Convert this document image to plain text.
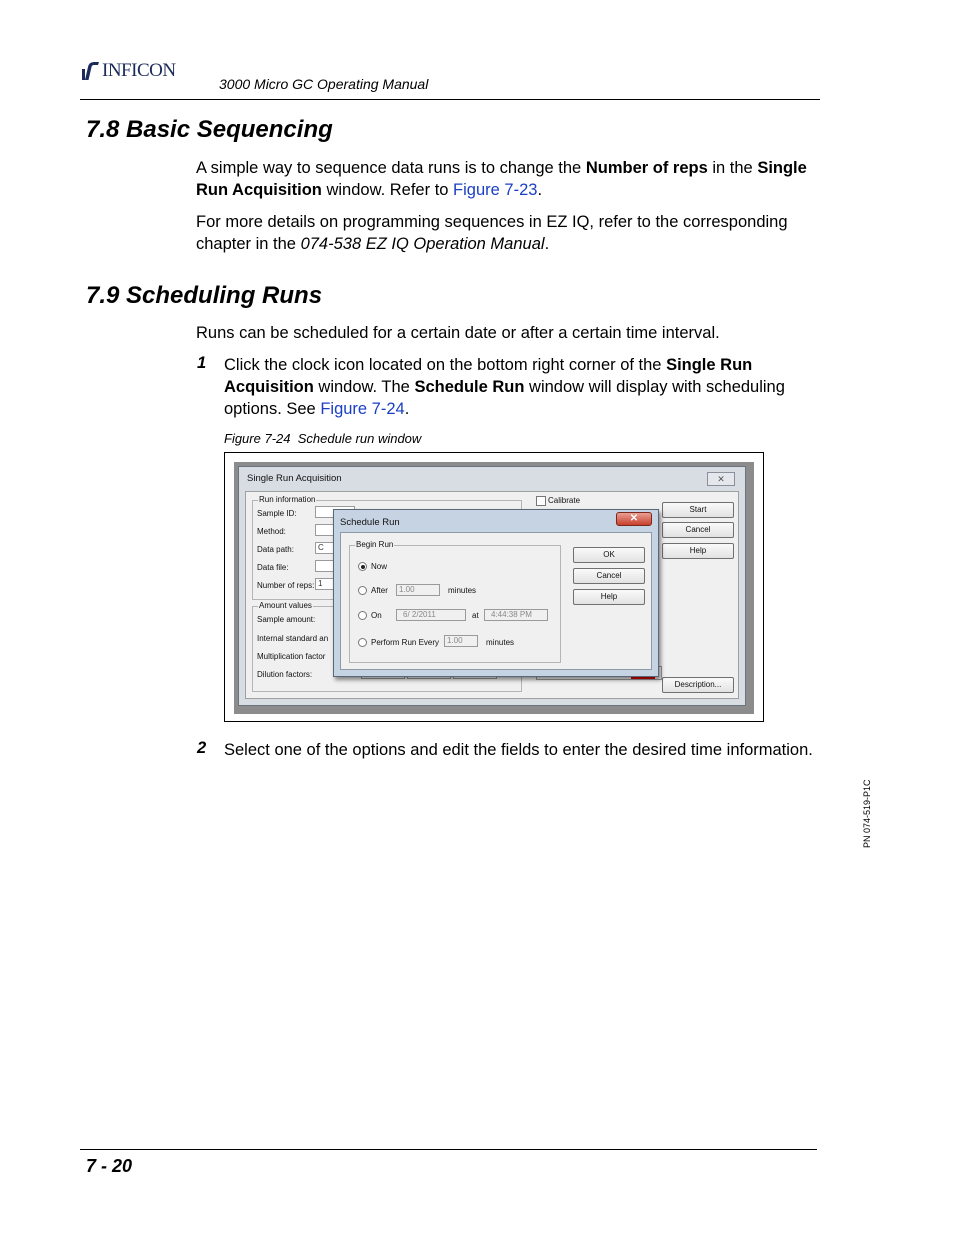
INFICON
3000 Micro GC Operating Manual
7.8 Basic Sequencing

A simple way to sequence data runs is to change the Number of reps in the Single Run Acquisition window. Refer to Figure 7-23.

For more details on programming sequences in EZ IQ, refer to the corresponding chapter in the 074-538 EZ IQ Operation Manual.

7.9 Scheduling Runs

Runs can be scheduled for a certain date or after a certain time interval.

1 Click the clock icon located on the bottom right corner of the Single Run Acquisition window. The Schedule Run window will display with scheduling options. See Figure 7-24.

Figure 7-24 Schedule run window
Single Run Acquisition	✕
Run information
Sample ID:
Method:
Data path:	C
Data file:
Number of reps: 1
Calibrate
Amount values
Sample amount:
Internal standard an
Multiplication factor
Dilution factors:
Start
Cancel
Help
Description...
Schedule Run	✕
Begin Run
Now
After	1.00	minutes
On	6/ 2/2011	at	4:44:38 PM
Perform Run Every 1.00	minutes
OK
Cancel
Help
2 Select one of the options and edit the fields to enter the desired time information.

PN 074-519-P1C
7 - 20
